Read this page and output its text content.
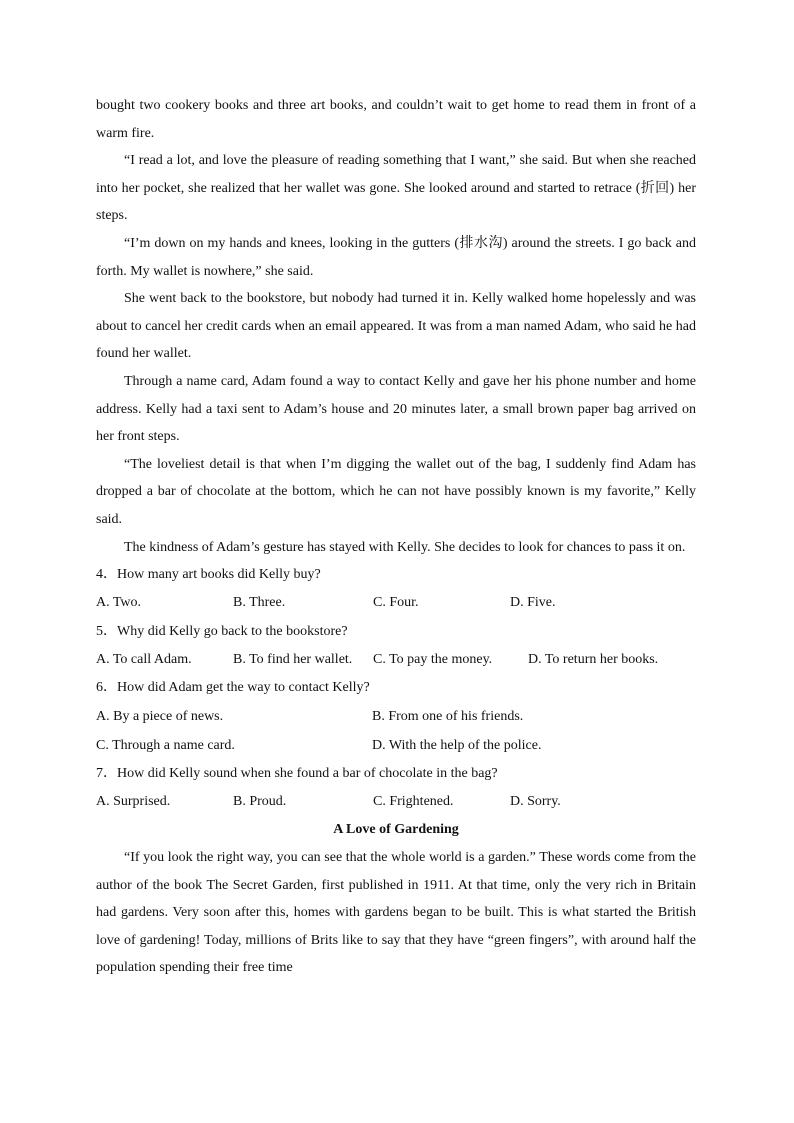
bought two cookery books and three art books, and couldn’t wait to get home to read them in front of a warm fire.

“I read a lot, and love the pleasure of reading something that I want,” she said. But when she reached into her pocket, she realized that her wallet was gone. She looked around and started to retrace (折回) her steps.

“I’m down on my hands and knees, looking in the gutters (排水沟) around the streets. I go back and forth. My wallet is nowhere,” she said.

She went back to the bookstore, but nobody had turned it in. Kelly walked home hopelessly and was about to cancel her credit cards when an email appeared. It was from a man named Adam, who said he had found her wallet.

Through a name card, Adam found a way to contact Kelly and gave her his phone number and home address. Kelly had a taxi sent to Adam’s house and 20 minutes later, a small brown paper bag arrived on her front steps.

“The loveliest detail is that when I’m digging the wallet out of the bag, I suddenly find Adam has dropped a bar of chocolate at the bottom, which he can not have possibly known is my favorite,” Kelly said.

The kindness of Adam’s gesture has stayed with Kelly. She decides to look for chances to pass it on.

4．How many art books did Kelly buy?

A. Two.	B. Three.	C. Four.	D. Five.

5．Why did Kelly go back to the bookstore?

A. To call Adam.	B. To find her wallet.	C. To pay the money.	D. To return her books.

6．How did Adam get the way to contact Kelly?

A. By a piece of news.	B. From one of his friends.
C. Through a name card.	D. With the help of the police.

7．How did Kelly sound when she found a bar of chocolate in the bag?

A. Surprised.	B. Proud.	C. Frightened.	D. Sorry.

A Love of Gardening

“If you look the right way, you can see that the whole world is a garden.” These words come from the author of the book The Secret Garden, first published in 1911. At that time, only the very rich in Britain had gardens. Very soon after this, homes with gardens began to be built. This is what started the British love of gardening! Today, millions of Brits like to say that they have “green fingers”, with around half the population spending their free time
